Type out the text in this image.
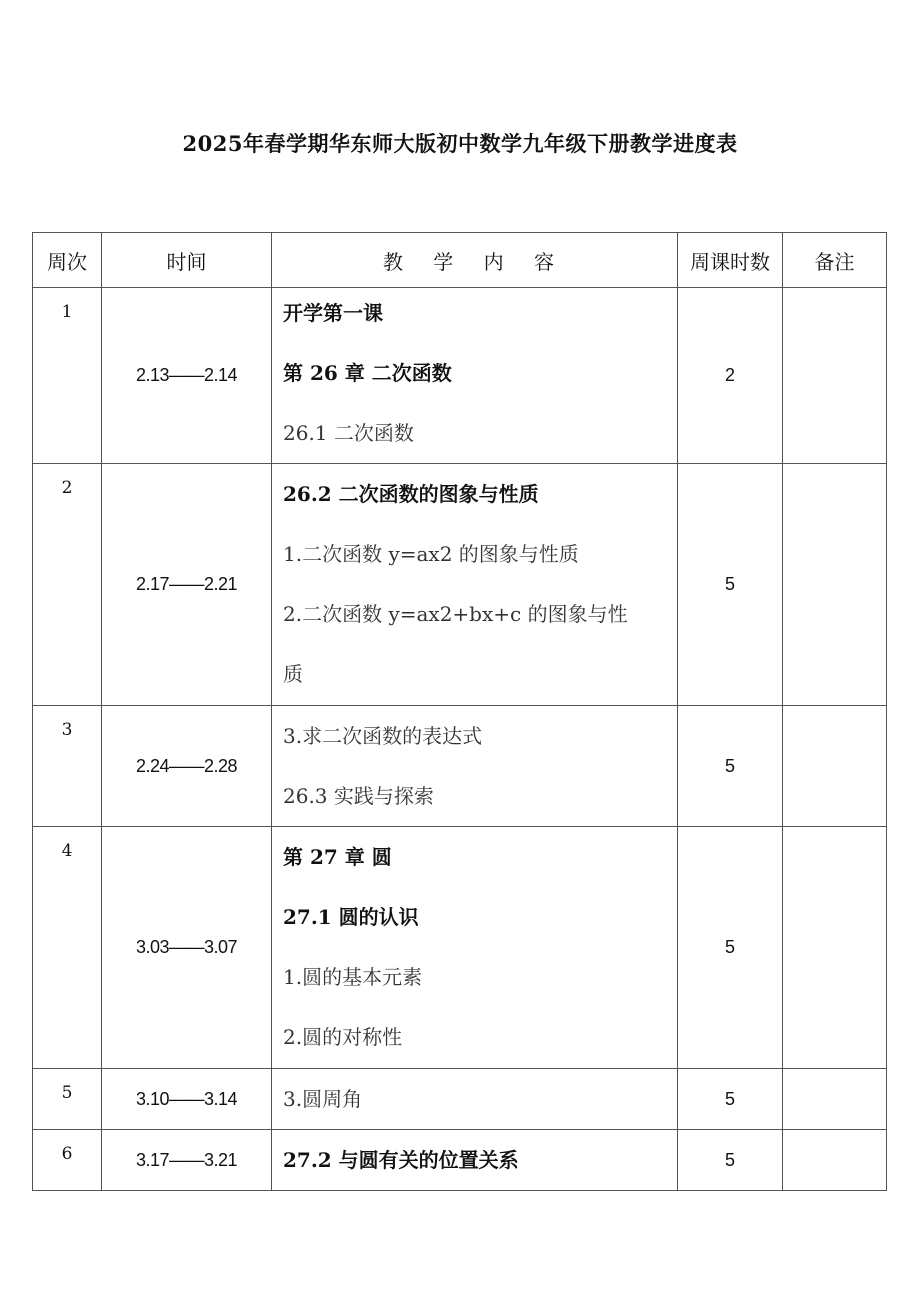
2025年春学期华东师大版初中数学九年级下册教学进度表
周次	时间	教 学 内 容	周课时数	备注
1	2.13——2.14	开学第一课
第 26 章 二次函数
26.1 二次函数	2	
2	2.17——2.21	26.2 二次函数的图象与性质
1.二次函数 y=ax2 的图象与性质
2.二次函数 y=ax2+bx+c 的图象与性
质	5	
3	2.24——2.28	3.求二次函数的表达式
26.3 实践与探索	5	
4	3.03——3.07	第 27 章 圆
27.1 圆的认识
1.圆的基本元素
2.圆的对称性	5	
5	3.10——3.14	3.圆周角	5	
6	3.17——3.21	27.2 与圆有关的位置关系	5	
